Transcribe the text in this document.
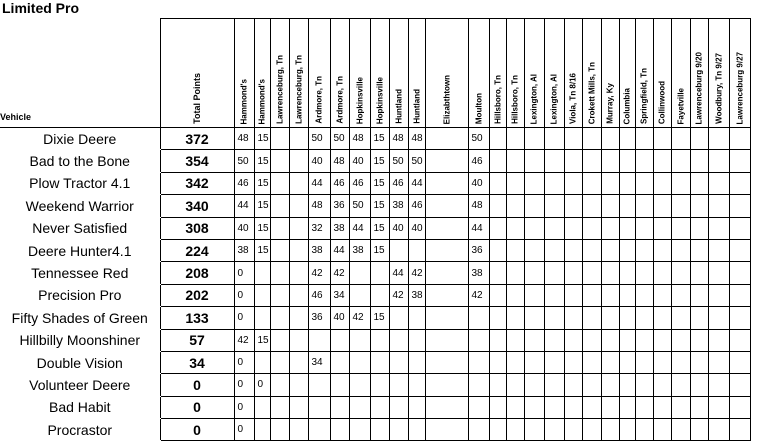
Limited Pro
Vehicle

	Total Points	Hammond's	Hammond's	Lawrenceburg, Tn	Lawrenceburg, Tn	Ardmore, Tn	Ardmore, Tn	Hopkinsville	Hopkinsville	Huntland	Huntland	Elizabthtown	Moulton	Hillsboro, Tn	Hillsboro, Tn	Lexington, Al	Lexington, Al	Viola, Tn 8/16	Crokett Mills, Tn	Murray, Ky	Columbia	Springfield, Tn	Collinwood	Fayetville	Lawrenceburg 9/20	Woodbury, Tn 9/27	Lawrenceburg 9/27

Dixie Deere	372	48	15			50	50	48	15	48	48		50														
Bad to the Bone	354	50	15			40	48	40	15	50	50		46														
Plow Tractor 4.1	342	46	15			44	46	46	15	46	44		40														
Weekend Warrior	340	44	15			48	36	50	15	38	46		48														
Never Satisfied	308	40	15			32	38	44	15	40	40		44														
Deere Hunter4.1	224	38	15			38	44	38	15				36														
Tennessee Red	208	0				42	42			44	42		38														
Precision Pro	202	0				46	34			42	38		42														
Fifty Shades of Green	133	0				36	40	42	15																		
Hillbilly Moonshiner	57	42	15																								
Double Vision	34	0				34																					
Volunteer Deere	0	0	0																								
Bad Habit	0	0																									
Procrastor	0	0																									
